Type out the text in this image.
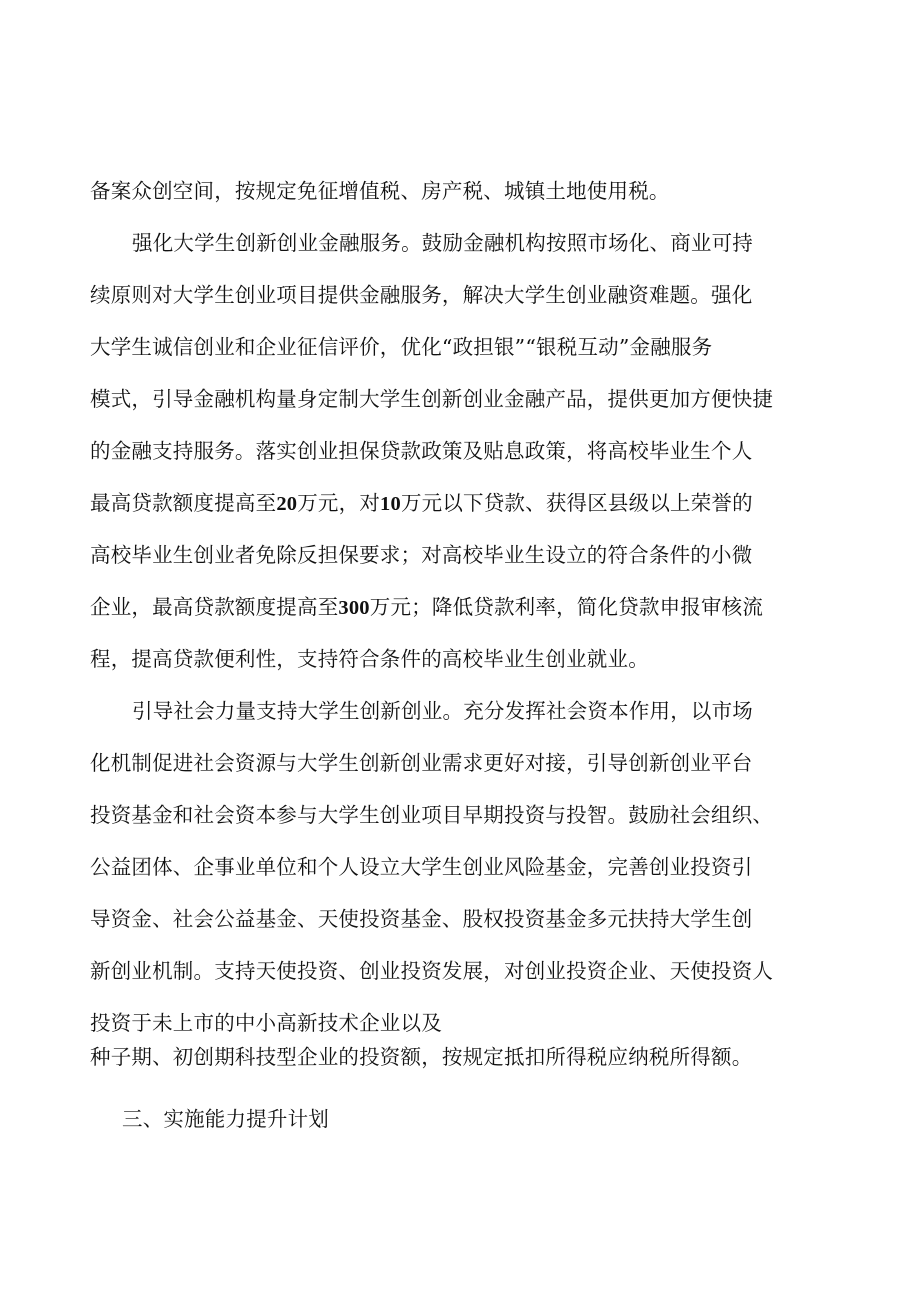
备案众创空间，按规定免征增值税、房产税、城镇土地使用税。
强化大学生创新创业金融服务。鼓励金融机构按照市场化、商业可持
续原则对大学生创业项目提供金融服务，解决大学生创业融资难题。强化
大学生诚信创业和企业征信评价，优化“政担银”“银税互动”金融服务
模式，引导金融机构量身定制大学生创新创业金融产品，提供更加方便快捷
的金融支持服务。落实创业担保贷款政策及贴息政策，将高校毕业生个人
最高贷款额度提高至20万元，对10万元以下贷款、获得区县级以上荣誉的
高校毕业生创业者免除反担保要求；对高校毕业生设立的符合条件的小微
企业，最高贷款额度提高至300万元；降低贷款利率，简化贷款申报审核流
程，提高贷款便利性，支持符合条件的高校毕业生创业就业。
引导社会力量支持大学生创新创业。充分发挥社会资本作用，以市场
化机制促进社会资源与大学生创新创业需求更好对接，引导创新创业平台
投资基金和社会资本参与大学生创业项目早期投资与投智。鼓励社会组织、
公益团体、企事业单位和个人设立大学生创业风险基金，完善创业投资引
导资金、社会公益基金、天使投资基金、股权投资基金多元扶持大学生创
新创业机制。支持天使投资、创业投资发展，对创业投资企业、天使投资人
投资于未上市的中小高新技术企业以及
种子期、初创期科技型企业的投资额，按规定抵扣所得税应纳税所得额。
三、实施能力提升计划
